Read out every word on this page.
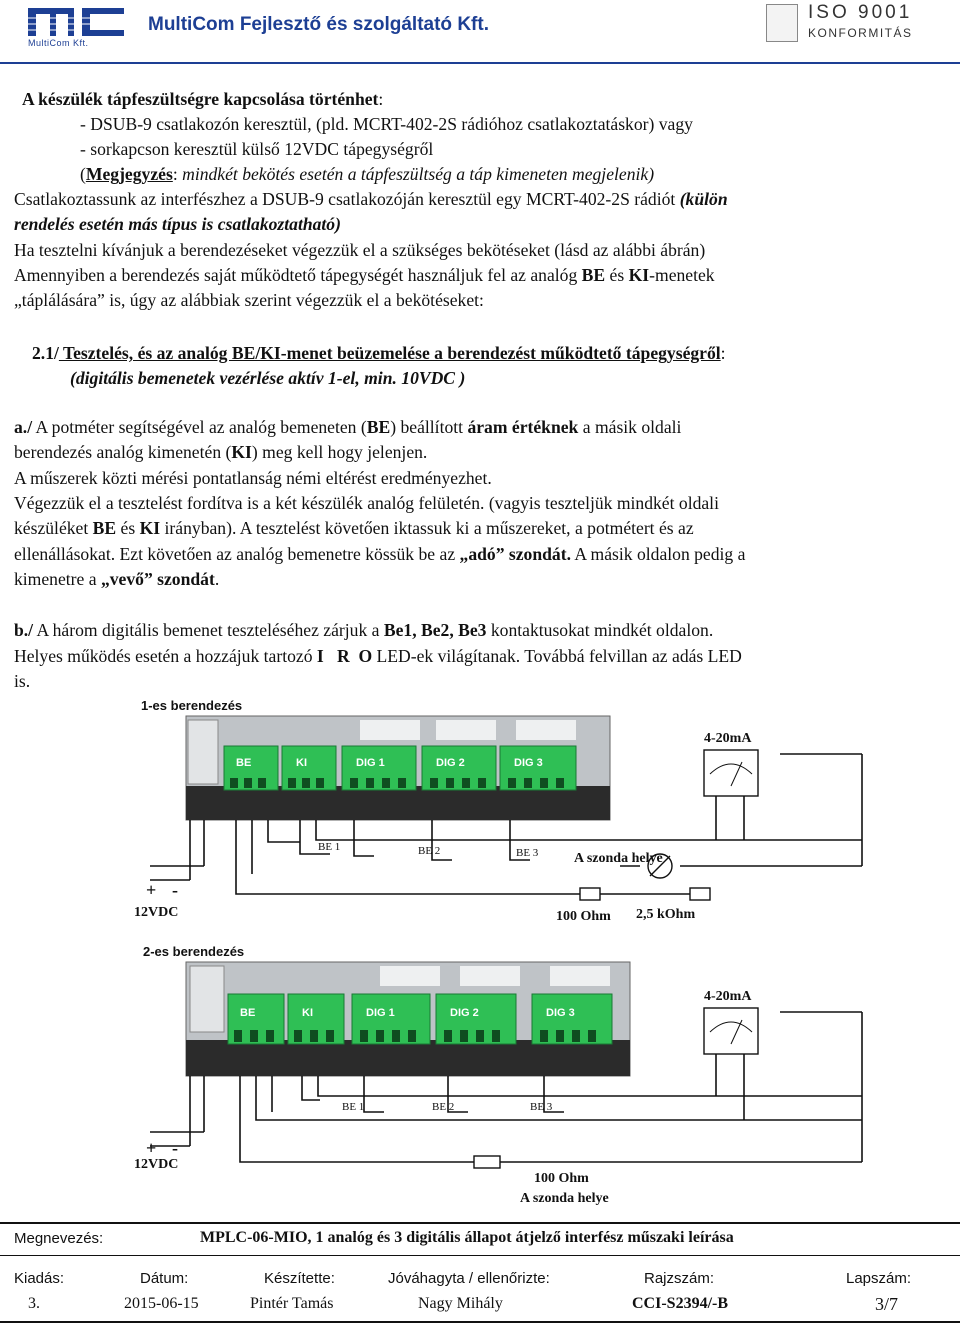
MultiCom Kft.
MultiCom Fejlesztő és szolgáltató Kft.
ISO 9001
KONFORMITÁS
A készülék tápfeszültségre kapcsolása történhet:
- DSUB-9 csatlakozón keresztül, (pld. MCRT-402-2S rádióhoz csatlakoztatáskor) vagy
- sorkapcson keresztül külső 12VDC tápegységről
(Megjegyzés: mindkét bekötés esetén a tápfeszültség a táp kimeneten megjelenik)
Csatlakoztassunk az interfészhez a DSUB-9 csatlakozóján keresztül egy MCRT-402-2S rádiót (külön
rendelés esetén más típus is csatlakoztatható)
Ha tesztelni kívánjuk a berendezéseket végezzük el a szükséges bekötéseket (lásd az alábbi ábrán)
Amennyiben a berendezés saját működtető tápegységét használjuk fel az analóg BE és KI-menetek
„táplálására” is, úgy az alábbiak szerint végezzük el a bekötéseket:
2.1/ Tesztelés, és az analóg BE/KI-menet beüzemelése a berendezést működtető tápegységről:
(digitális bemenetek vezérlése aktív 1-el, min. 10VDC )
a./ A potméter segítségével az analóg bemeneten (BE) beállított áram értéknek a másik oldali
berendezés analóg kimenetén (KI) meg kell hogy jelenjen.
A műszerek közti mérési pontatlanság némi eltérést eredményezhet.
Végezzük el a tesztelést fordítva is a két készülék analóg felületén. (vagyis teszteljük mindkét oldali
készüléket BE és KI irányban). A tesztelést követően iktassuk ki a műszereket, a potmétert és az
ellenállásokat. Ezt követően az analóg bemenetre kössük be az „adó” szondát. A másik oldalon pedig a
kimenetre a „vevő” szondát.
b./ A három digitális bemenet teszteléséhez zárjuk a Be1, Be2, Be3 kontaktusokat mindkét oldalon.
Helyes működés esetén a hozzájuk tartozó I   R  O LED-ek világítanak. Továbbá felvillan az adás LED
is.
1-es berendezés
BE	KI	DIG 1	DIG 2	DIG 3
4-20mA
BE 1	BE 2	BE 3	A szonda helye
100 Ohm 2,5 kOhm
+ -
12VDC
2-es berendezés
BE	KI	DIG 1	DIG 2	DIG 3
4-20mA
BE 1	BE 2	BE 3
100 Ohm
A szonda helye
+ -
12VDC
Megnevezés:	MPLC-06-MIO, 1 analóg és 3 digitális állapot átjelző interfész műszaki leírása
Kiadás:	Dátum:	Készítette:	Jóváhagyta / ellenőrizte:	Rajzszám:	Lapszám:
3.	2015-06-15	Pintér Tamás	Nagy Mihály	CCI-S2394/-B	3/7
